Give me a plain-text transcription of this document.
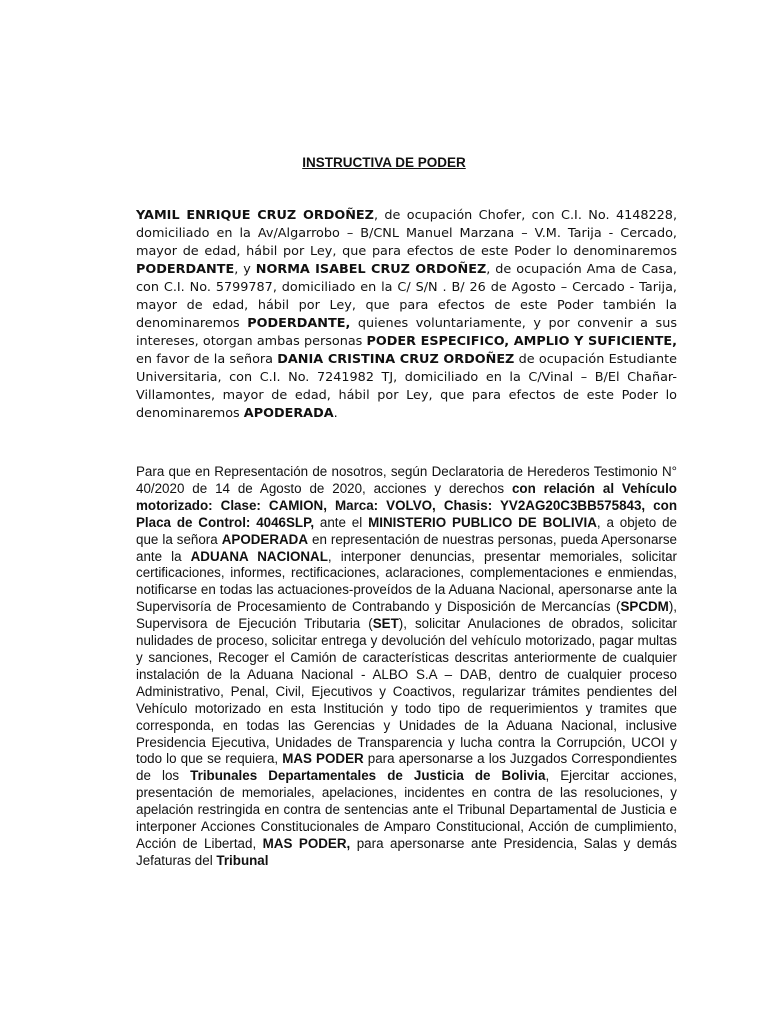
INSTRUCTIVA DE PODER

YAMIL ENRIQUE CRUZ ORDOÑEZ, de ocupación Chofer, con C.I. No. 4148228, domiciliado en la Av/Algarrobo – B/CNL Manuel Marzana – V.M. Tarija - Cercado, mayor de edad, hábil por Ley, que para efectos de este Poder lo denominaremos PODERDANTE, y NORMA ISABEL CRUZ ORDOÑEZ, de ocupación Ama de Casa, con C.I. No. 5799787, domiciliado en la C/ S/N . B/ 26 de Agosto – Cercado - Tarija, mayor de edad, hábil por Ley, que para efectos de este Poder también la denominaremos PODERDANTE, quienes voluntariamente, y por convenir a sus intereses, otorgan ambas personas PODER ESPECIFICO, AMPLIO Y SUFICIENTE, en favor de la señora DANIA CRISTINA CRUZ ORDOÑEZ de ocupación Estudiante Universitaria, con C.I. No. 7241982 TJ, domiciliado en la C/Vinal – B/El Chañar-Villamontes, mayor de edad, hábil por Ley, que para efectos de este Poder lo denominaremos APODERADA.

Para que en Representación de nosotros, según Declaratoria de Herederos Testimonio N° 40/2020 de 14 de Agosto de 2020, acciones y derechos con relación al Vehículo motorizado: Clase: CAMION, Marca: VOLVO, Chasis: YV2AG20C3BB575843, con Placa de Control: 4046SLP, ante el MINISTERIO PUBLICO DE BOLIVIA, a objeto de que la señora APODERADA en representación de nuestras personas, pueda Apersonarse ante la ADUANA NACIONAL, interponer denuncias, presentar memoriales, solicitar certificaciones, informes, rectificaciones, aclaraciones, complementaciones e enmiendas, notificarse en todas las actuaciones-proveídos de la Aduana Nacional, apersonarse ante la Supervisoría de Procesamiento de Contrabando y Disposición de Mercancías (SPCDM), Supervisora de Ejecución Tributaria (SET), solicitar Anulaciones de obrados, solicitar nulidades de proceso, solicitar entrega y devolución del vehículo motorizado, pagar multas y sanciones, Recoger el Camión de características descritas anteriormente de cualquier instalación de la Aduana Nacional - ALBO S.A – DAB, dentro de cualquier proceso Administrativo, Penal, Civil, Ejecutivos y Coactivos, regularizar trámites pendientes del Vehículo motorizado en esta Institución y todo tipo de requerimientos y tramites que corresponda, en todas las Gerencias y Unidades de la Aduana Nacional, inclusive Presidencia Ejecutiva, Unidades de Transparencia y lucha contra la Corrupción, UCOI y todo lo que se requiera, MAS PODER para apersonarse a los Juzgados Correspondientes de los Tribunales Departamentales de Justicia de Bolivia, Ejercitar acciones, presentación de memoriales, apelaciones, incidentes en contra de las resoluciones, y apelación restringida en contra de sentencias ante el Tribunal Departamental de Justicia e interponer Acciones Constitucionales de Amparo Constitucional, Acción de cumplimiento, Acción de Libertad, MAS PODER, para apersonarse ante Presidencia, Salas y demás Jefaturas del Tribunal
